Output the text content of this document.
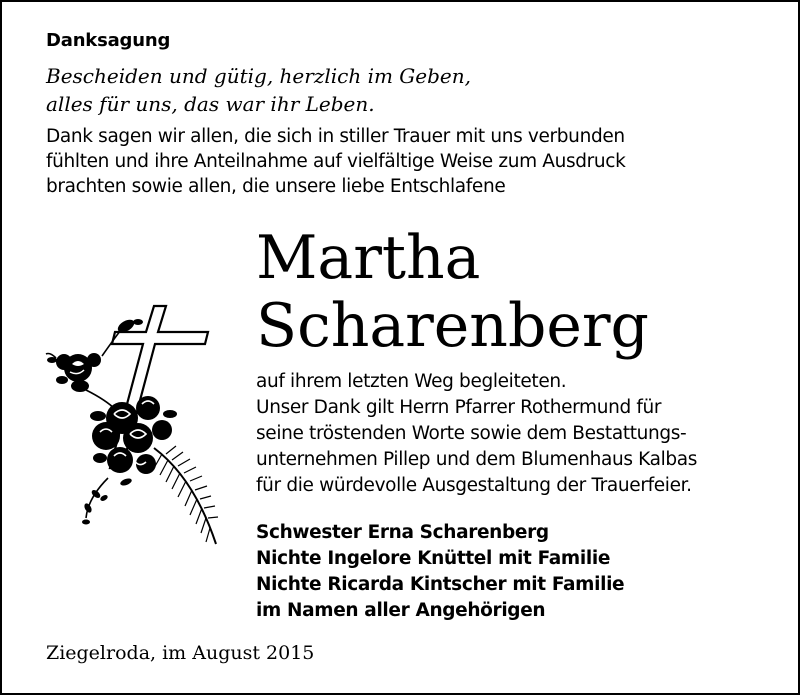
Danksagung
Bescheiden und gütig, herzlich im Geben,
alles für uns, das war ihr Leben.
Dank sagen wir allen, die sich in stiller Trauer mit uns verbunden
fühlten und ihre Anteilnahme auf vielfältige Weise zum Ausdruck
brachten sowie allen, die unsere liebe Entschlafene
Martha
Scharenberg
auf ihrem letzten Weg begleiteten.
Unser Dank gilt Herrn Pfarrer Rothermund für
seine tröstenden Worte sowie dem Bestattungs-
unternehmen Pillep und dem Blumenhaus Kalbas
für die würdevolle Ausgestaltung der Trauerfeier.
Schwester Erna Scharenberg
Nichte Ingelore Knüttel mit Familie
Nichte Ricarda Kintscher mit Familie
im Namen aller Angehörigen
Ziegelroda, im August 2015
